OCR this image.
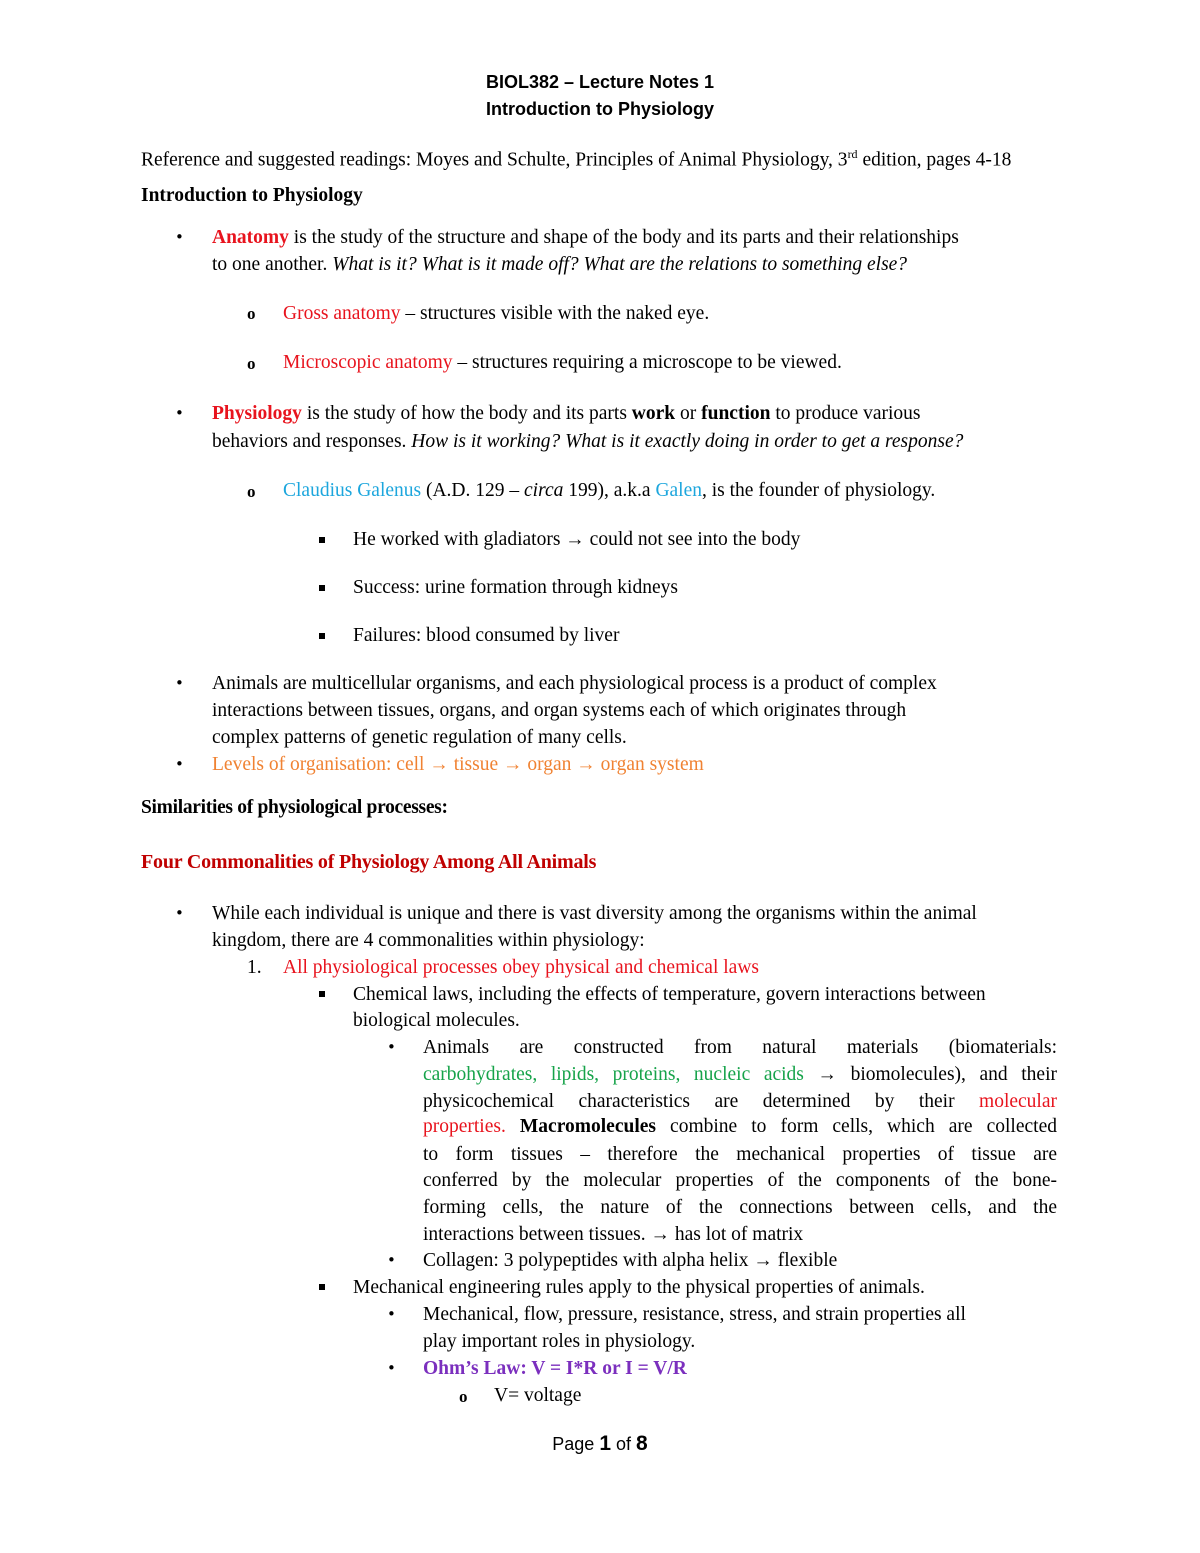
BIOL382 – Lecture Notes 1
Introduction to Physiology
Reference and suggested readings: Moyes and Schulte, Principles of Animal Physiology, 3rd edition, pages 4-18
Introduction to Physiology
• Anatomy is the study of the structure and shape of the body and its parts and their relationships
to one another. What is it? What is it made off? What are the relations to something else?
o Gross anatomy – structures visible with the naked eye.
o Microscopic anatomy – structures requiring a microscope to be viewed.
• Physiology is the study of how the body and its parts work or function to produce various
behaviors and responses. How is it working? What is it exactly doing in order to get a response?
o Claudius Galenus (A.D. 129 – circa 199), a.k.a Galen, is the founder of physiology.
He worked with gladiators → could not see into the body
Success: urine formation through kidneys
Failures: blood consumed by liver
• Animals are multicellular organisms, and each physiological process is a product of complex
interactions between tissues, organs, and organ systems each of which originates through
complex patterns of genetic regulation of many cells.
• Levels of organisation: cell → tissue → organ → organ system
Similarities of physiological processes:
Four Commonalities of Physiology Among All Animals
• While each individual is unique and there is vast diversity among the organisms within the animal
kingdom, there are 4 commonalities within physiology:
1. All physiological processes obey physical and chemical laws
Chemical laws, including the effects of temperature, govern interactions between
biological molecules.
• Animals are constructed from natural materials (biomaterials:
carbohydrates, lipids, proteins, nucleic acids → biomolecules), and their
physicochemical characteristics are determined by their molecular
properties. Macromolecules combine to form cells, which are collected
to form tissues – therefore the mechanical properties of tissue are
conferred by the molecular properties of the components of the bone-
forming cells, the nature of the connections between cells, and the
interactions between tissues. → has lot of matrix
• Collagen: 3 polypeptides with alpha helix → flexible
Mechanical engineering rules apply to the physical properties of animals.
• Mechanical, flow, pressure, resistance, stress, and strain properties all
play important roles in physiology.
• Ohm’s Law: V = I*R or I = V/R
o V= voltage
Page 1 of 8
